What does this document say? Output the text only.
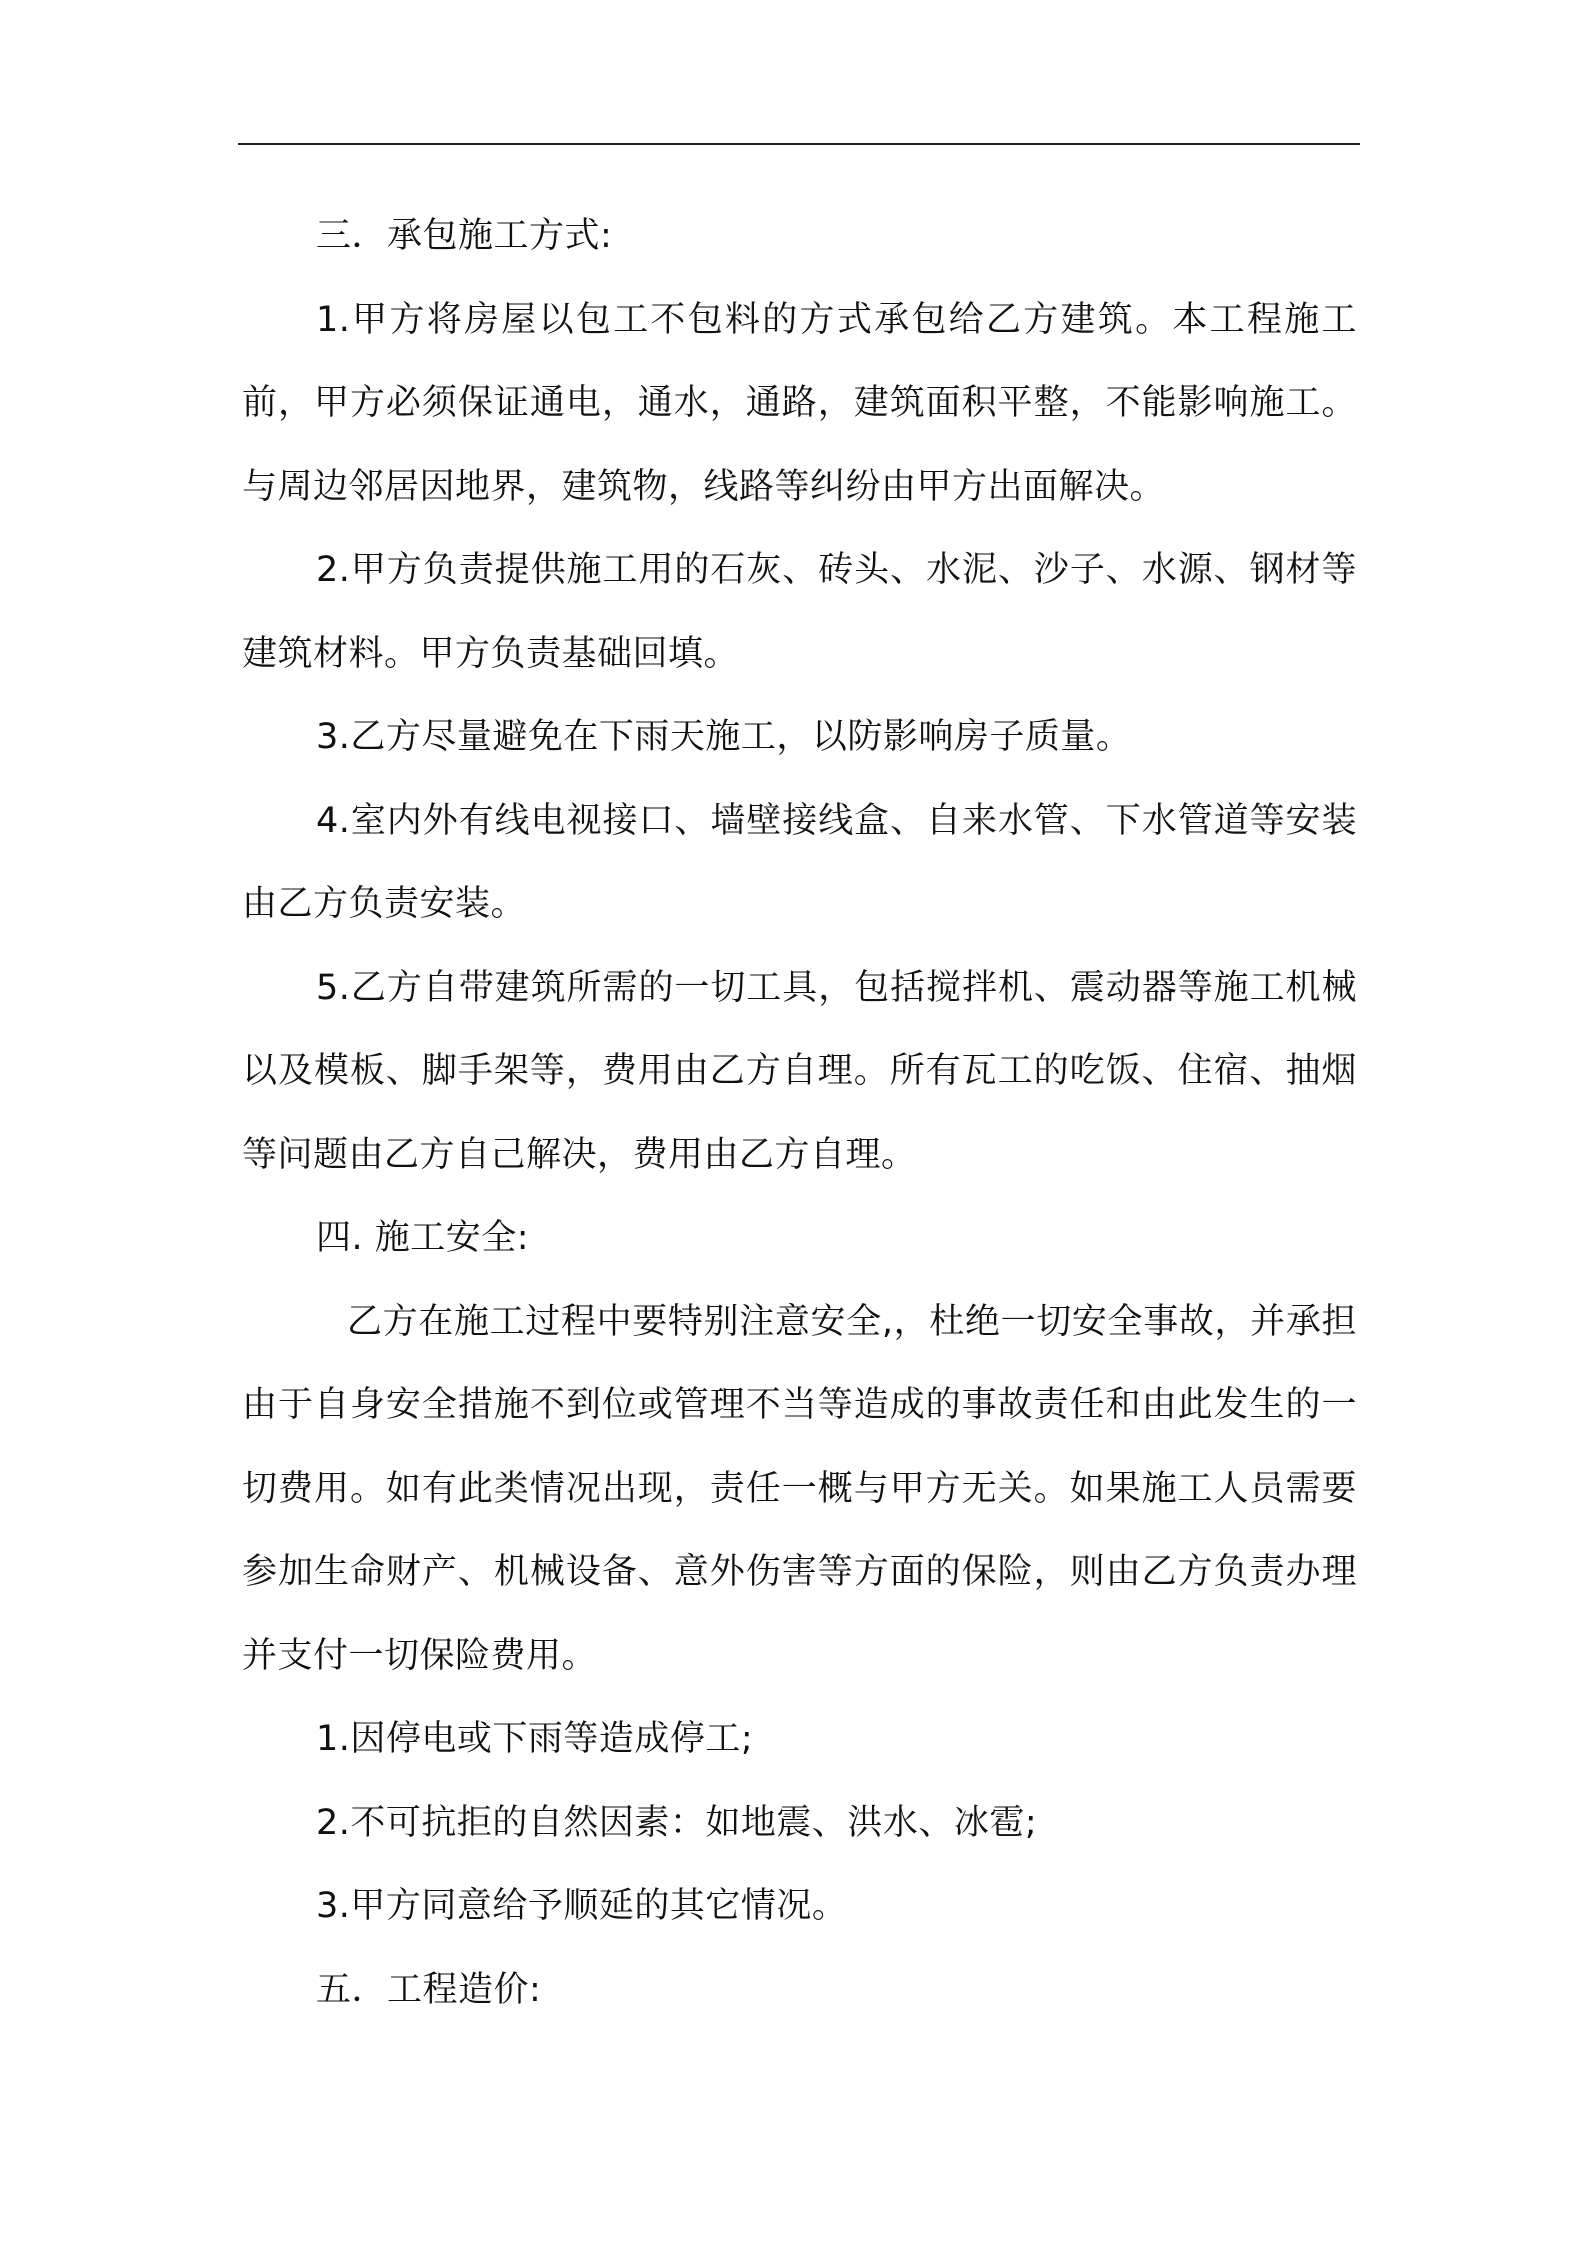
三．承包施工方式:

1.甲方将房屋以包工不包料的方式承包给乙方建筑。本工程施工前，甲方必须保证通电，通水，通路，建筑面积平整，不能影响施工。与周边邻居因地界，建筑物，线路等纠纷由甲方出面解决。

2.甲方负责提供施工用的石灰、砖头、水泥、沙子、水源、钢材等建筑材料。甲方负责基础回填。

3.乙方尽量避免在下雨天施工，以防影响房子质量。

4.室内外有线电视接口、墙壁接线盒、自来水管、下水管道等安装由乙方负责安装。

5.乙方自带建筑所需的一切工具，包括搅拌机、震动器等施工机械以及模板、脚手架等，费用由乙方自理。所有瓦工的吃饭、住宿、抽烟等问题由乙方自己解决，费用由乙方自理。

四. 施工安全:

乙方在施工过程中要特别注意安全,，杜绝一切安全事故，并承担由于自身安全措施不到位或管理不当等造成的事故责任和由此发生的一切费用。如有此类情况出现，责任一概与甲方无关。如果施工人员需要参加生命财产、机械设备、意外伤害等方面的保险，则由乙方负责办理并支付一切保险费用。

1.因停电或下雨等造成停工;

2.不可抗拒的自然因素：如地震、洪水、冰雹;

3.甲方同意给予顺延的其它情况。

五．工程造价:
